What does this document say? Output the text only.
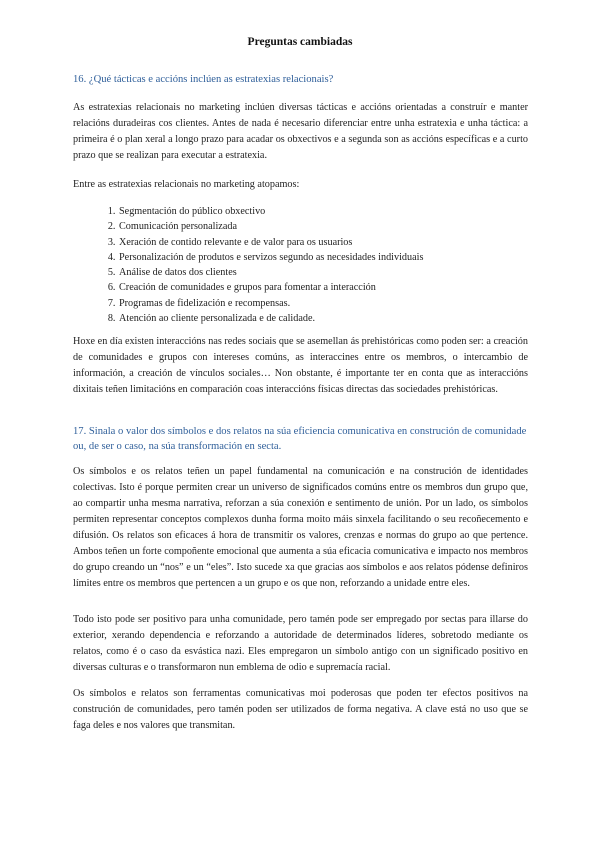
Preguntas cambiadas
16. ¿Qué tácticas e accións inclúen as estratexias relacionais?
As estratexias relacionais no marketing inclúen diversas tácticas e accións orientadas a construír e manter relacións duradeiras cos clientes. Antes de nada é necesario diferenciar entre unha estratexia e unha táctica: a primeira é o plan xeral a longo prazo para acadar os obxectivos e a segunda son as accións específicas e a curto prazo que se realizan para executar a estratexia.
Entre as estratexias relacionais no marketing atopamos:
1. Segmentación do público obxectivo
2. Comunicación personalizada
3. Xeración de contido relevante e de valor para os usuarios
4. Personalización de produtos e servizos segundo as necesidades individuais
5. Análise de datos dos clientes
6. Creación de comunidades e grupos para fomentar a interacción
7. Programas de fidelización e recompensas.
8. Atención ao cliente personalizada e de calidade.
Hoxe en día existen interaccións nas redes sociais que se asemellan ás prehistóricas como poden ser: a creación de comunidades e grupos con intereses comúns, as interaccines entre os membros, o intercambio de información, a creación de vínculos sociales… Non obstante, é importante ter en conta que as interaccións dixitais teñen limitacións en comparación coas interaccións físicas directas das sociedades prehistóricas.
17. Sinala o valor dos símbolos e dos relatos na súa eficiencia comunicativa en construción de comunidade ou, de ser o caso, na súa transformación en secta.
Os símbolos e os relatos teñen un papel fundamental na comunicación e na construción de identidades colectivas. Isto é porque permiten crear un universo de significados comúns entre os membros dun grupo que, ao compartir unha mesma narrativa, reforzan a súa conexión e sentimento de unión. Por un lado, os símbolos permiten representar conceptos complexos dunha forma moito máis sinxela facilitando o seu recoñecemento e difusión. Os relatos son eficaces á hora de transmitir os valores, crenzas e normas do grupo ao que pertence. Ambos teñen un forte compoñente emocional que aumenta a súa eficacia comunicativa e impacto nos membros do grupo creando un “nos” e un “eles”. Isto sucede xa que gracias aos símbolos e aos relatos pódense definiros límites entre os membros que pertencen a un grupo e os que non, reforzando a unidade entre eles.
Todo isto pode ser positivo para unha comunidade, pero tamén pode ser empregado por sectas para illarse do exterior, xerando dependencia e reforzando a autoridade de determinados líderes, sobretodo mediante os relatos, como é o caso da esvástica nazi. Eles empregaron un símbolo antigo con un significado positivo en diversas culturas e o transformaron nun emblema de odio e supremacía racial.
Os símbolos e relatos son ferramentas comunicativas moi poderosas que poden ter efectos positivos na construción de comunidades, pero tamén poden ser utilizados de forma negativa. A clave está no uso que se faga deles e nos valores que transmitan.
